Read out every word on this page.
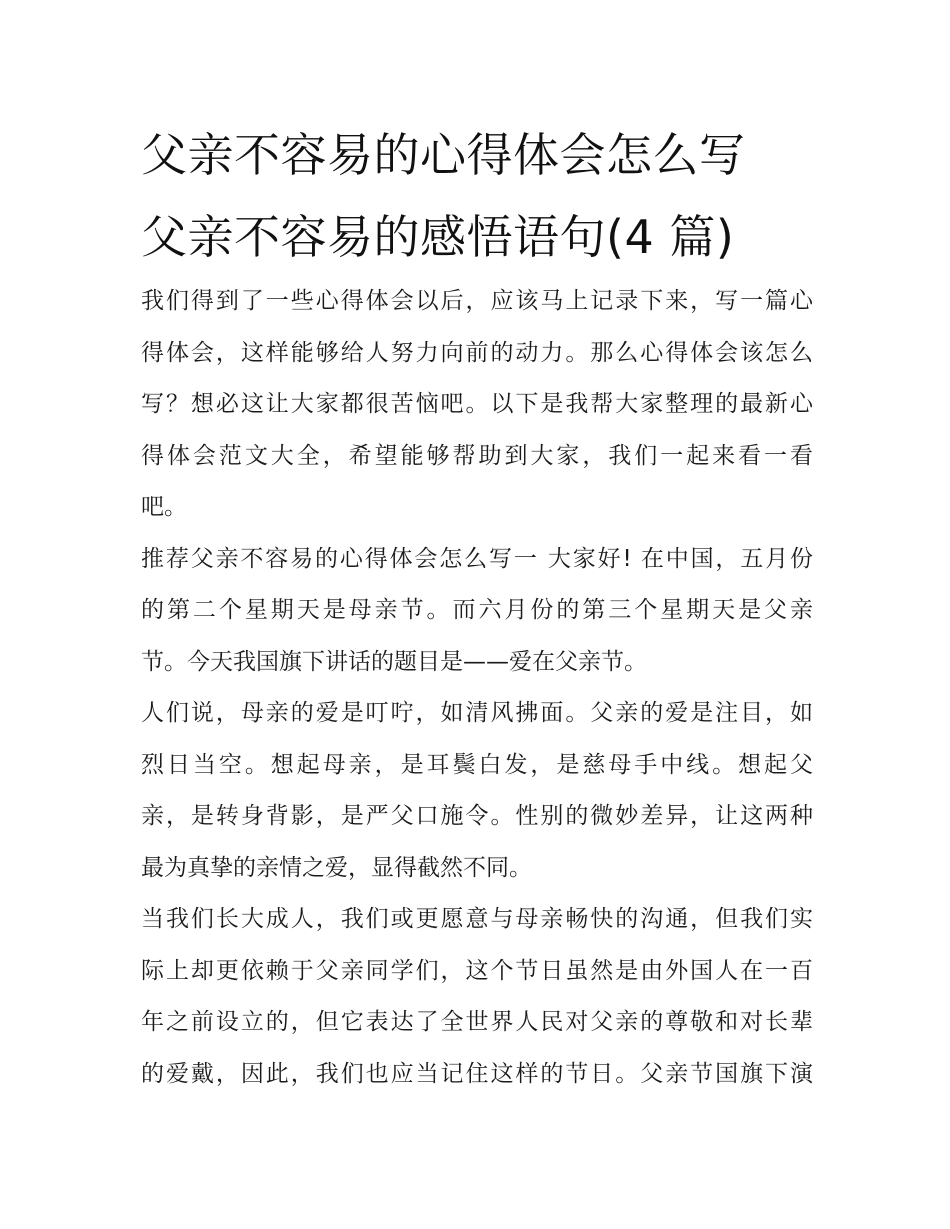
父亲不容易的心得体会怎么写
父亲不容易的感悟语句(4 篇)

我们得到了一些心得体会以后，应该马上记录下来，写一篇心
得体会，这样能够给人努力向前的动力。那么心得体会该怎么
写？想必这让大家都很苦恼吧。以下是我帮大家整理的最新心
得体会范文大全，希望能够帮助到大家，我们一起来看一看
吧。

推荐父亲不容易的心得体会怎么写一 大家好! 在中国，五月份
的第二个星期天是母亲节。而六月份的第三个星期天是父亲
节。今天我国旗下讲话的题目是——爱在父亲节。

人们说，母亲的爱是叮咛，如清风拂面。父亲的爱是注目，如
烈日当空。想起母亲，是耳鬓白发，是慈母手中线。想起父
亲，是转身背影，是严父口施令。性别的微妙差异，让这两种
最为真挚的亲情之爱，显得截然不同。

当我们长大成人，我们或更愿意与母亲畅快的沟通，但我们实
际上却更依赖于父亲同学们，这个节日虽然是由外国人在一百
年之前设立的，但它表达了全世界人民对父亲的尊敬和对长辈
的爱戴，因此，我们也应当记住这样的节日。父亲节国旗下演
